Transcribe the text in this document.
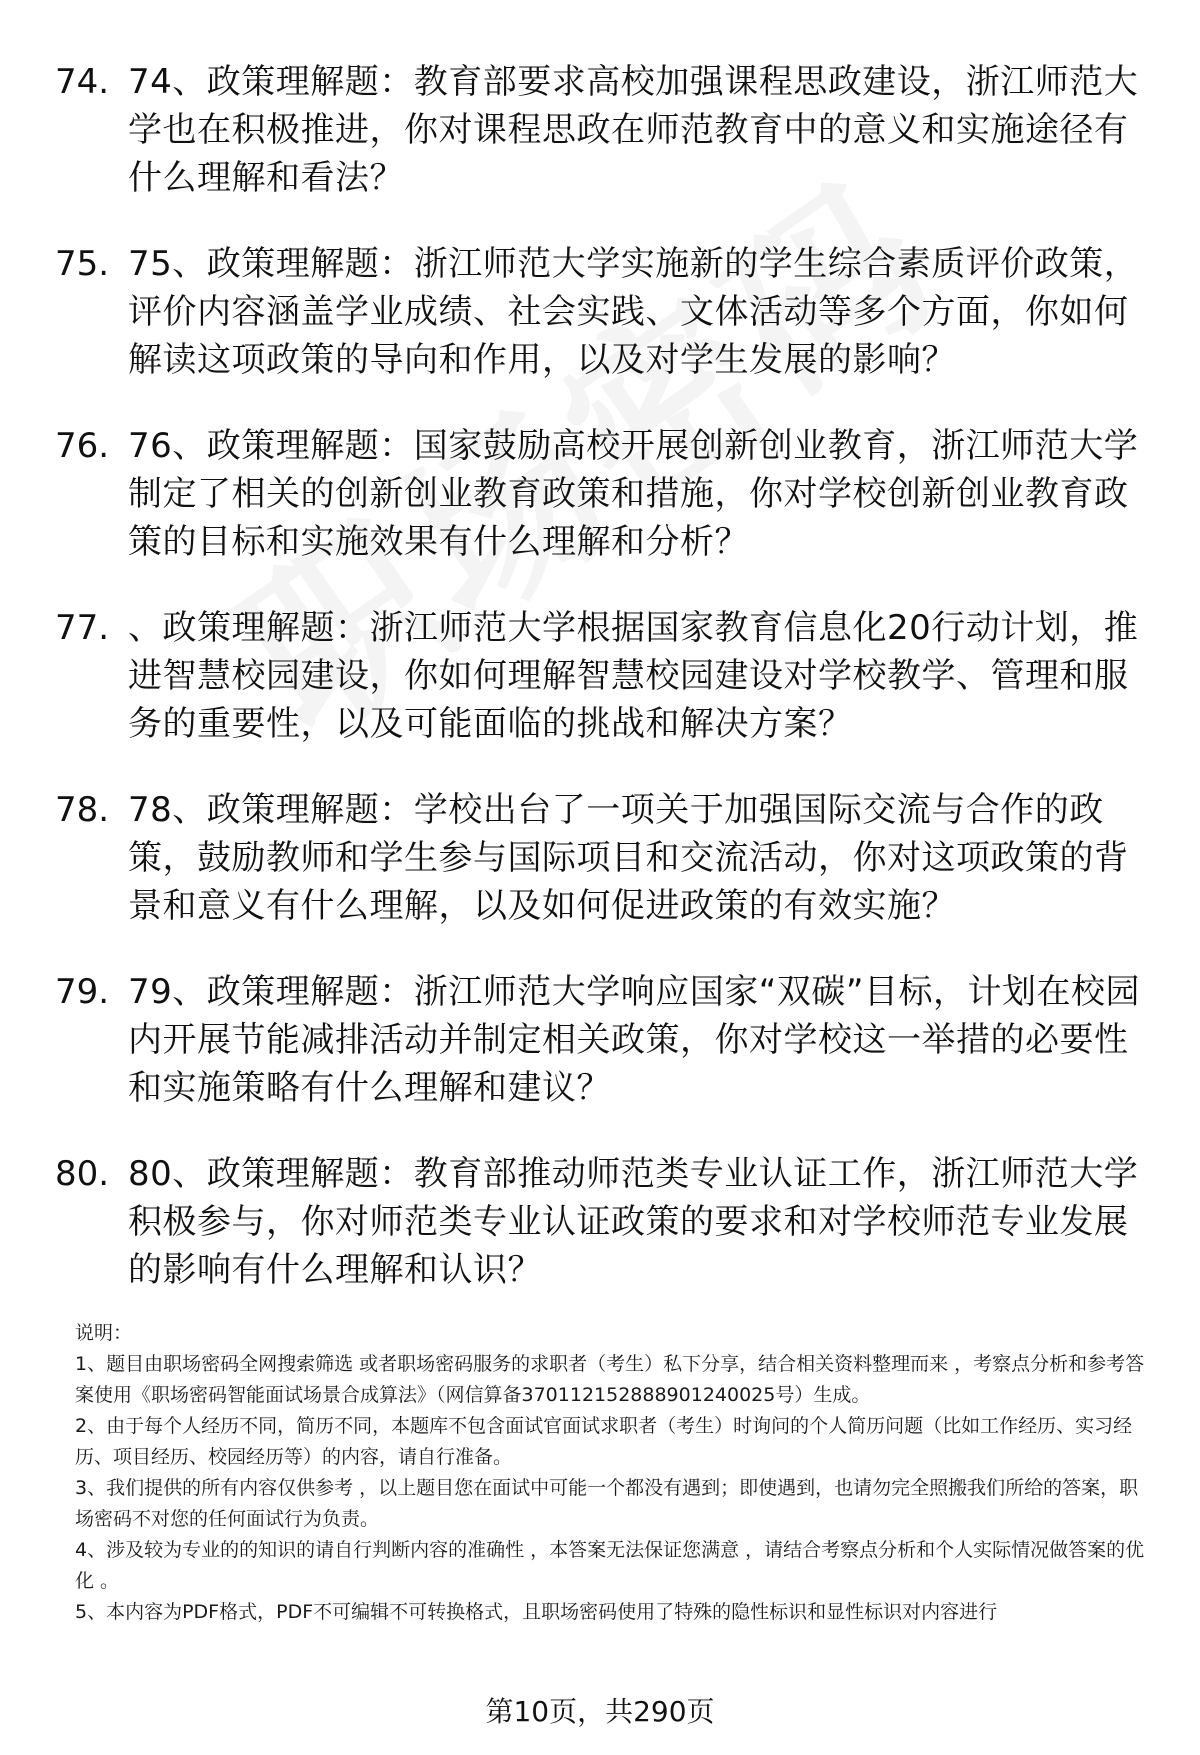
74. 74、政策理解题：教育部要求高校加强课程思政建设，浙江师范大学也在积极推进，你对课程思政在师范教育中的意义和实施途径有什么理解和看法？
75. 75、政策理解题：浙江师范大学实施新的学生综合素质评价政策，评价内容涵盖学业成绩、社会实践、文体活动等多个方面，你如何解读这项政策的导向和作用，以及对学生发展的影响？
76. 76、政策理解题：国家鼓励高校开展创新创业教育，浙江师范大学制定了相关的创新创业教育政策和措施，你对学校创新创业教育政策的目标和实施效果有什么理解和分析？
77. 、政策理解题：浙江师范大学根据国家教育信息化20行动计划，推进智慧校园建设，你如何理解智慧校园建设对学校教学、管理和服务的重要性，以及可能面临的挑战和解决方案？
78. 78、政策理解题：学校出台了一项关于加强国际交流与合作的政策，鼓励教师和学生参与国际项目和交流活动，你对这项政策的背景和意义有什么理解，以及如何促进政策的有效实施？
79. 79、政策理解题：浙江师范大学响应国家“双碳”目标，计划在校园内开展节能减排活动并制定相关政策，你对学校这一举措的必要性和实施策略有什么理解和建议？
80. 80、政策理解题：教育部推动师范类专业认证工作，浙江师范大学积极参与，你对师范类专业认证政策的要求和对学校师范专业发展的影响有什么理解和认识？

说明：

1、题目由职场密码全网搜索筛选 或者职场密码服务的求职者（考生）私下分享，结合相关资料整理而来 ，考察点分析和参考答案使用《职场密码智能面试场景合成算法》（网信算备370112152888901240025号）生成。

2、由于每个人经历不同，简历不同，本题库不包含面试官面试求职者（考生）时询问的个人简历问题（比如工作经历、实习经历、项目经历、校园经历等）的内容，请自行准备。

3、我们提供的所有内容仅供参考 ，以上题目您在面试中可能一个都没有遇到；即使遇到，也请勿完全照搬我们所给的答案，职场密码不对您的任何面试行为负责。

4、涉及较为专业的的知识的请自行判断内容的准确性 ，本答案无法保证您满意 ，请结合考察点分析和个人实际情况做答案的优化 。

5、本内容为PDF格式，PDF不可编辑不可转换格式，且职场密码使用了特殊的隐性标识和显性标识对内容进行

第10页，共290页
